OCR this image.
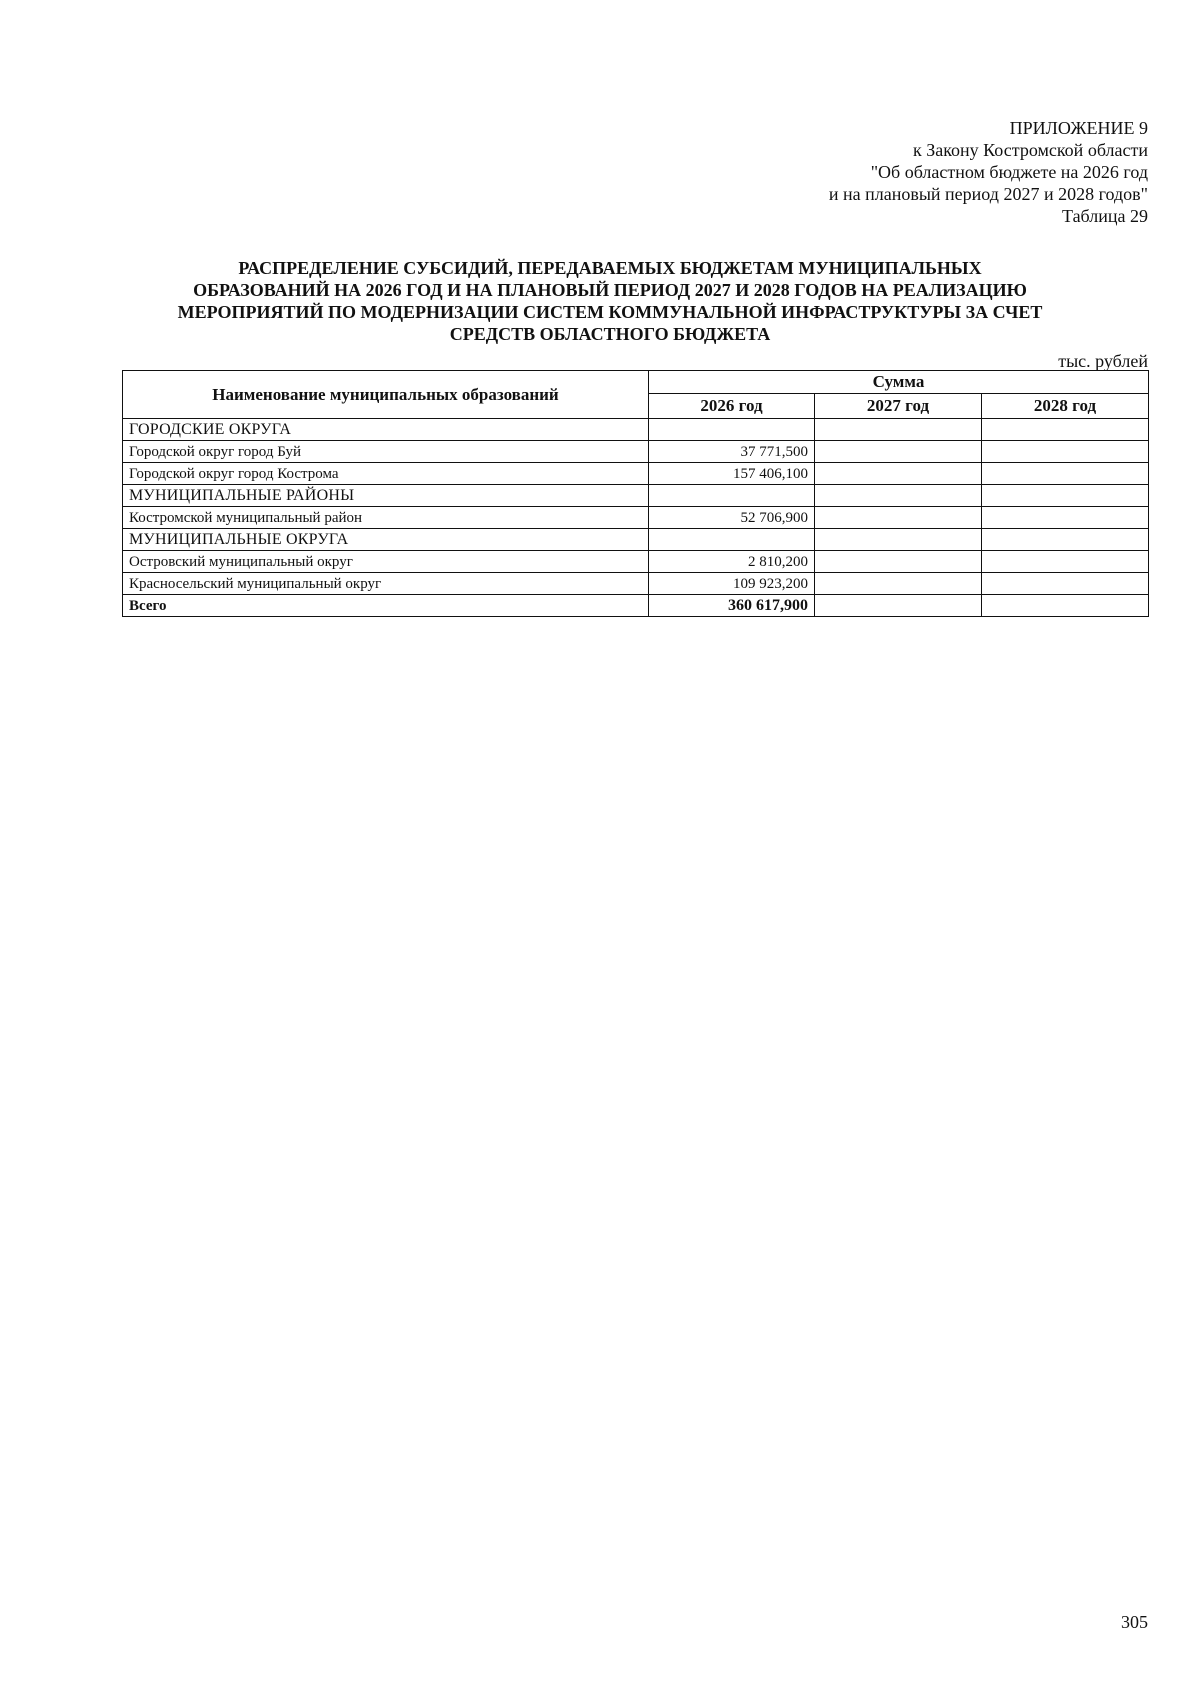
ПРИЛОЖЕНИЕ 9
к Закону Костромской области
"Об областном бюджете на 2026 год
и на плановый период 2027 и 2028 годов"
Таблица 29
РАСПРЕДЕЛЕНИЕ СУБСИДИЙ, ПЕРЕДАВАЕМЫХ БЮДЖЕТАМ МУНИЦИПАЛЬНЫХ
ОБРАЗОВАНИЙ НА 2026 ГОД И НА ПЛАНОВЫЙ ПЕРИОД 2027 И 2028 ГОДОВ НА РЕАЛИЗАЦИЮ
МЕРОПРИЯТИЙ ПО МОДЕРНИЗАЦИИ СИСТЕМ КОММУНАЛЬНОЙ ИНФРАСТРУКТУРЫ ЗА СЧЕТ
СРЕДСТВ ОБЛАСТНОГО БЮДЖЕТА
тыс. рублей
Наименование муниципальных образований	Сумма		
	2026 год	2027 год	2028 год
ГОРОДСКИЕ ОКРУГА			
Городской округ город Буй	37 771,500		
Городской округ город Кострома	157 406,100		
МУНИЦИПАЛЬНЫЕ РАЙОНЫ			
Костромской муниципальный район	52 706,900		
МУНИЦИПАЛЬНЫЕ ОКРУГА			
Островский муниципальный округ	2 810,200		
Красносельский муниципальный округ	109 923,200		
Всего	360 617,900		
305
